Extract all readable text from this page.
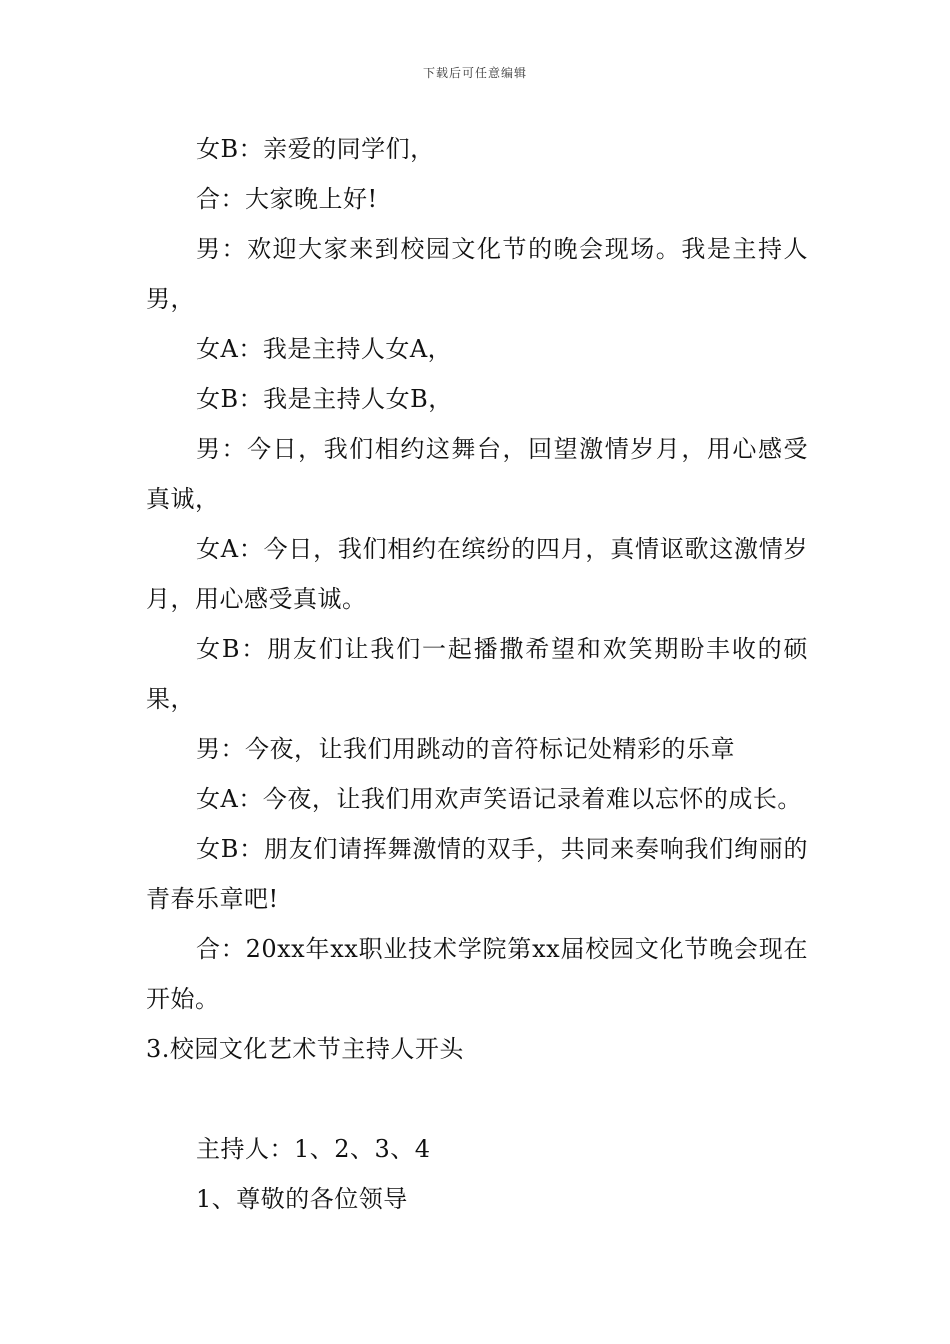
下载后可任意编辑

女B：亲爱的同学们，

合：大家晚上好!

男：欢迎大家来到校园文化节的晚会现场。我是主持人男，

女A：我是主持人女A，

女B：我是主持人女B，

男：今日，我们相约这舞台，回望激情岁月，用心感受真诚，

女A：今日，我们相约在缤纷的四月，真情讴歌这激情岁月，用心感受真诚。

女B：朋友们让我们一起播撒希望和欢笑期盼丰收的硕果，

男：今夜，让我们用跳动的音符标记处精彩的乐章

女A：今夜，让我们用欢声笑语记录着难以忘怀的成长。

女B：朋友们请挥舞激情的双手，共同来奏响我们绚丽的青春乐章吧!

合：20xx年xx职业技术学院第xx届校园文化节晚会现在开始。

3.校园文化艺术节主持人开头

主持人：1、2、3、4

1、尊敬的各位领导
